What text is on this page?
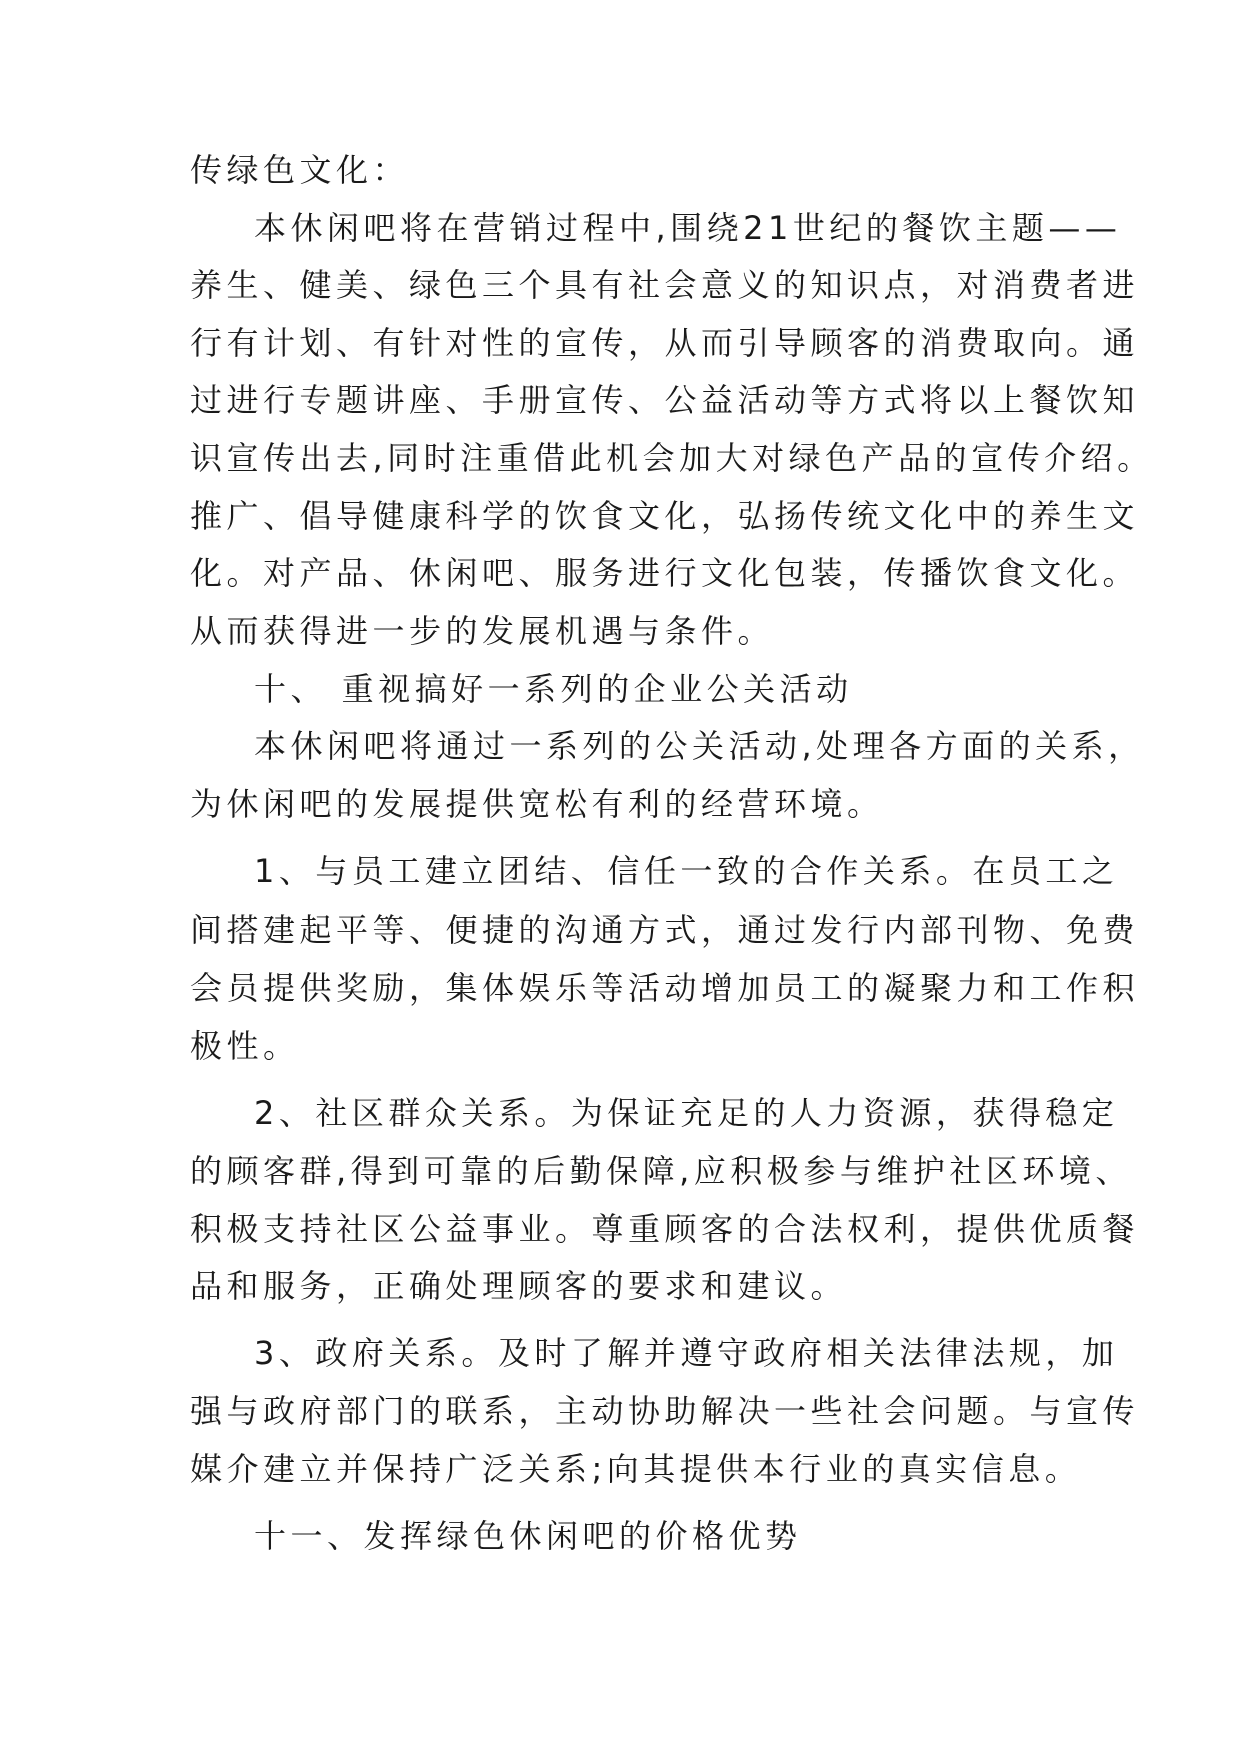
传绿色文化：
本休闲吧将在营销过程中,围绕21世纪的餐饮主题——
养生、健美、绿色三个具有社会意义的知识点，对消费者进
行有计划、有针对性的宣传，从而引导顾客的消费取向。通
过进行专题讲座、手册宣传、公益活动等方式将以上餐饮知
识宣传出去,同时注重借此机会加大对绿色产品的宣传介绍。
推广、倡导健康科学的饮食文化，弘扬传统文化中的养生文
化。对产品、休闲吧、服务进行文化包装，传播饮食文化。
从而获得进一步的发展机遇与条件。
十、 重视搞好一系列的企业公关活动
本休闲吧将通过一系列的公关活动,处理各方面的关系，
为休闲吧的发展提供宽松有利的经营环境。
1、与员工建立团结、信任一致的合作关系。在员工之
间搭建起平等、便捷的沟通方式，通过发行内部刊物、免费
会员提供奖励，集体娱乐等活动增加员工的凝聚力和工作积
极性。
2、社区群众关系。为保证充足的人力资源，获得稳定
的顾客群,得到可靠的后勤保障,应积极参与维护社区环境、
积极支持社区公益事业。尊重顾客的合法权利，提供优质餐
品和服务，正确处理顾客的要求和建议。
3、政府关系。及时了解并遵守政府相关法律法规，加
强与政府部门的联系，主动协助解决一些社会问题。与宣传
媒介建立并保持广泛关系;向其提供本行业的真实信息。
十一、发挥绿色休闲吧的价格优势
